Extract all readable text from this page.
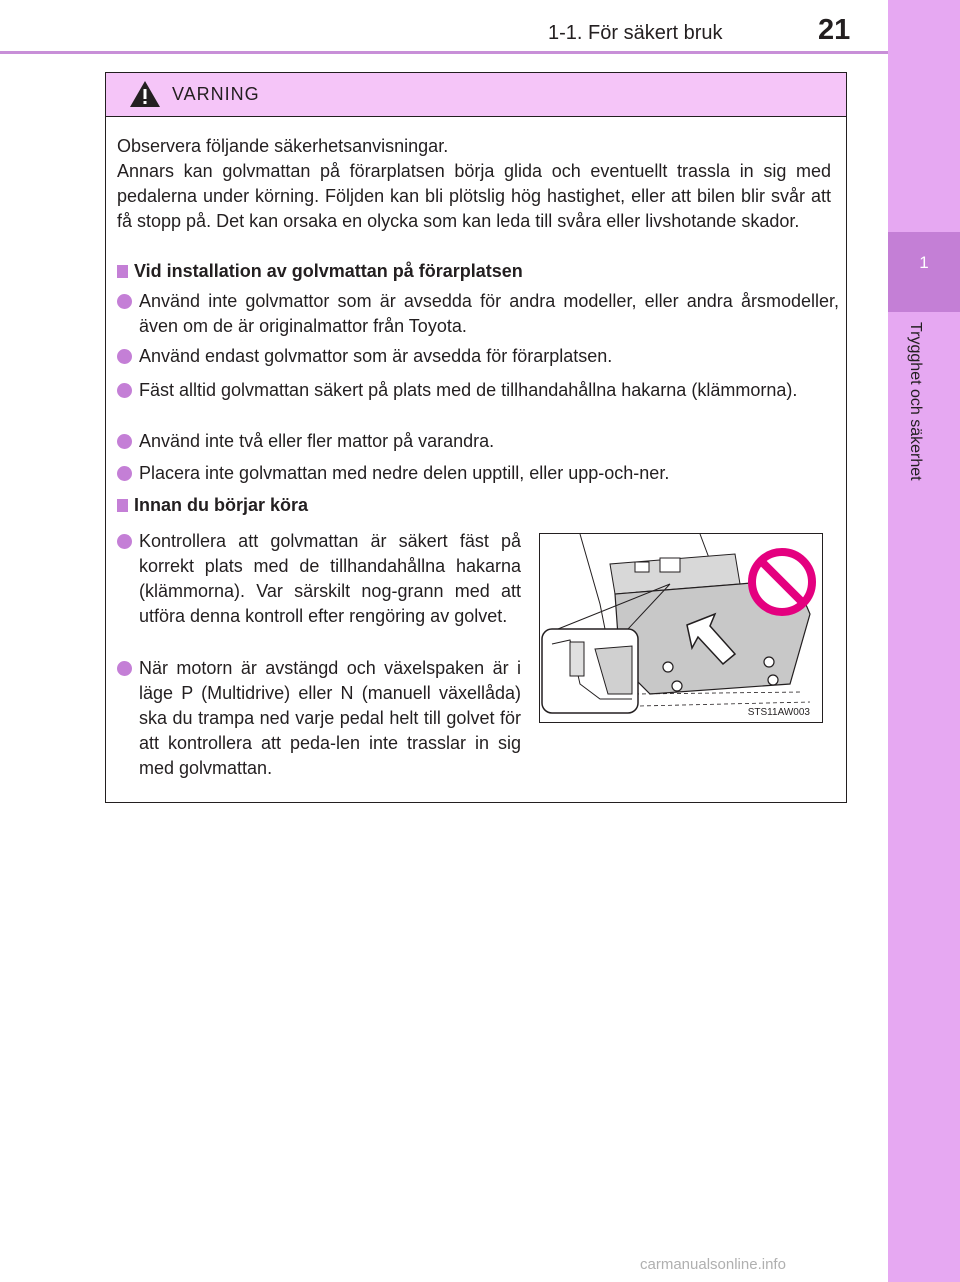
1-1. För säkert bruk	21
1
Trygghet och säkerhet
VARNING
Observera följande säkerhetsanvisningar.
Annars kan golvmattan på förarplatsen börja glida och eventuellt trassla in sig med pedalerna under körning. Följden kan bli plötslig hög hastighet, eller att bilen blir svår att få stopp på. Det kan orsaka en olycka som kan leda till svåra eller livshotande skador.
Vid installation av golvmattan på förarplatsen
Använd inte golvmattor som är avsedda för andra modeller, eller andra årsmodeller, även om de är originalmattor från Toyota.
Använd endast golvmattor som är avsedda för förarplatsen.
Fäst alltid golvmattan säkert på plats med de tillhandahållna hakarna (klämmorna).
Använd inte två eller fler mattor på varandra.
Placera inte golvmattan med nedre delen upptill, eller upp-och-ner.
Innan du börjar köra
Kontrollera att golvmattan är säkert fäst på korrekt plats med de tillhandahållna hakarna (klämmorna). Var särskilt nog-grann med att utföra denna kontroll efter rengöring av golvet.
När motorn är avstängd och växelspaken är i läge P (Multidrive) eller N (manuell växellåda) ska du trampa ned varje pedal helt till golvet för att kontrollera att peda-len inte trasslar in sig med golvmattan.
STS11AW003
carmanualsonline.info
